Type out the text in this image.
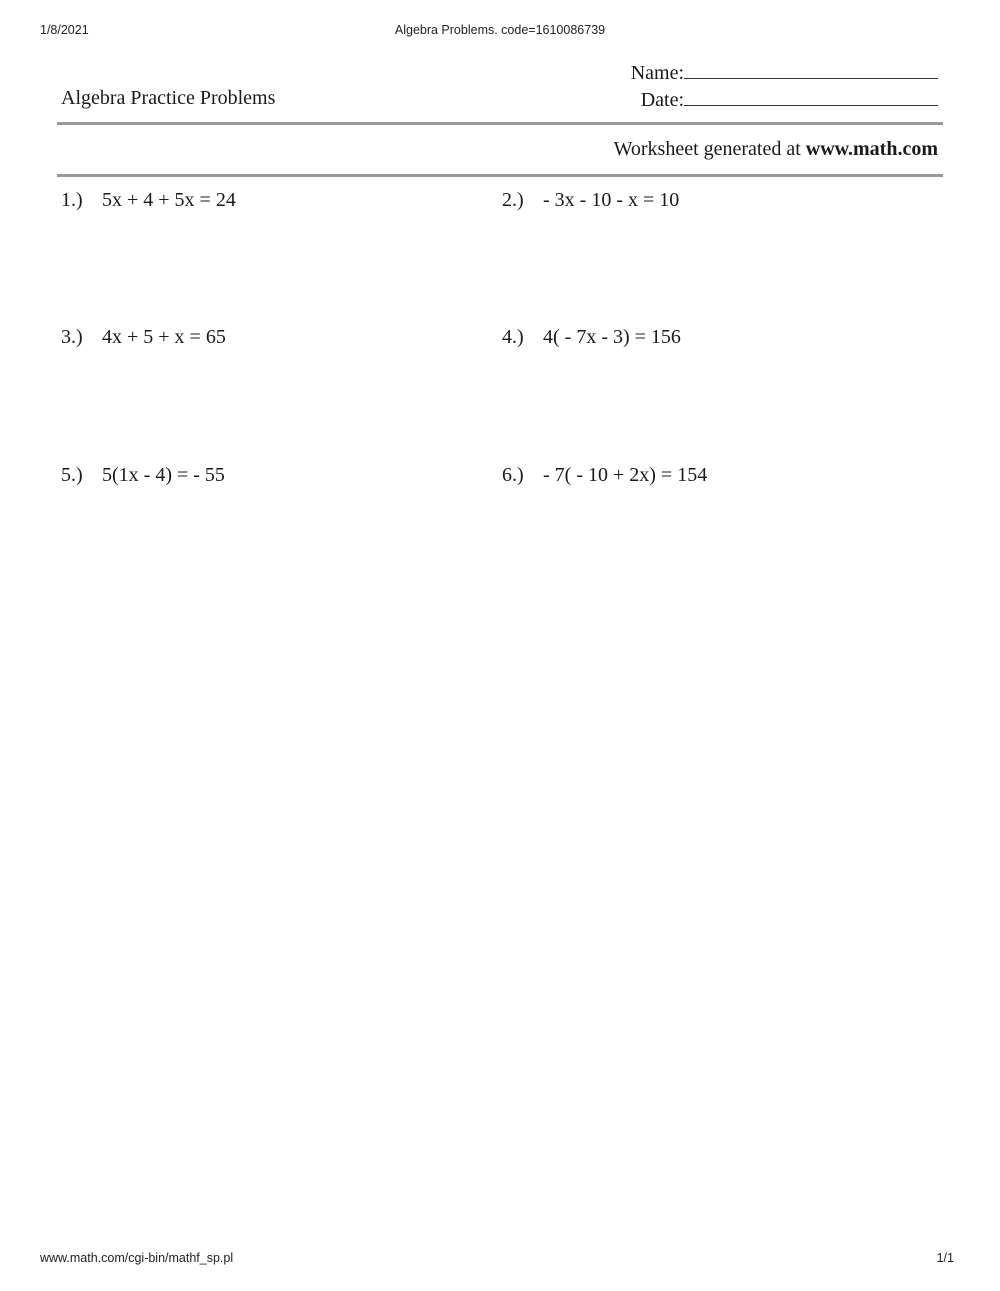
1/8/2021	Algebra Problems. code=1610086739
Algebra Practice Problems
Name:
Date:
Worksheet generated at www.math.com
1.) 5x + 4 + 5x = 24	2.) - 3x - 10 - x = 10
3.) 4x + 5 + x = 65	4.) 4( - 7x - 3) = 156
5.) 5(1x - 4) = - 55	6.) - 7( - 10 + 2x) = 154
www.math.com/cgi-bin/mathf_sp.pl	1/1
